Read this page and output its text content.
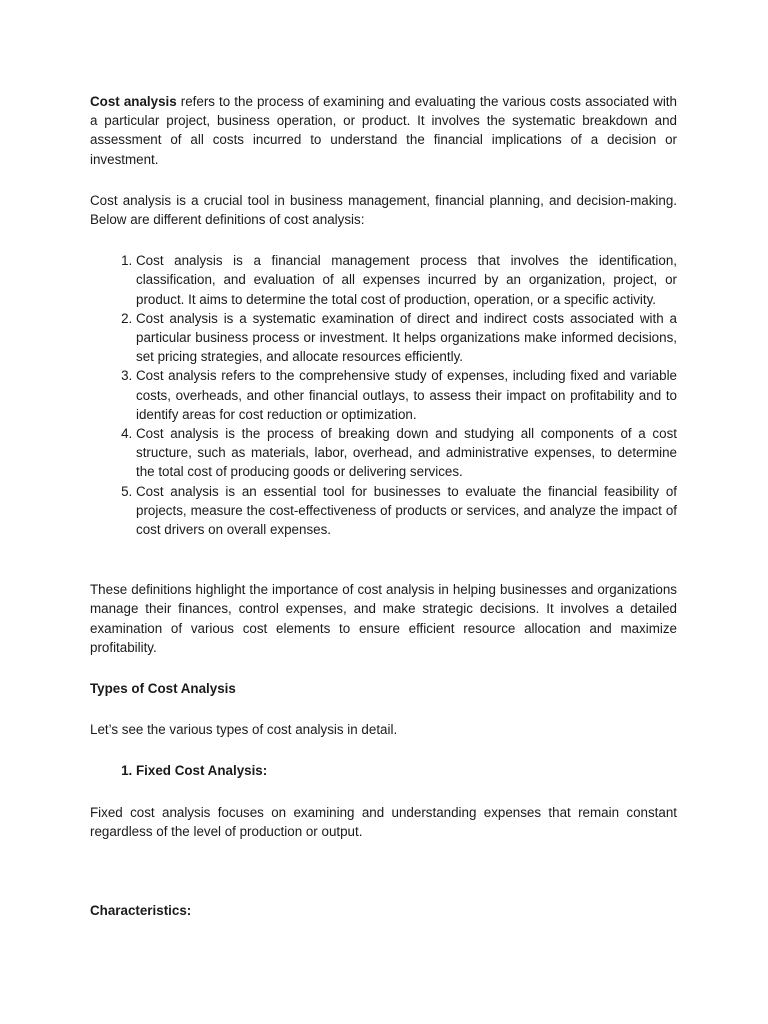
Cost analysis refers to the process of examining and evaluating the various costs associated with a particular project, business operation, or product. It involves the systematic breakdown and assessment of all costs incurred to understand the financial implications of a decision or investment.

Cost analysis is a crucial tool in business management, financial planning, and decision-making. Below are different definitions of cost analysis:

1. Cost analysis is a financial management process that involves the identification, classification, and evaluation of all expenses incurred by an organization, project, or product. It aims to determine the total cost of production, operation, or a specific activity.
2. Cost analysis is a systematic examination of direct and indirect costs associated with a particular business process or investment. It helps organizations make informed decisions, set pricing strategies, and allocate resources efficiently.
3. Cost analysis refers to the comprehensive study of expenses, including fixed and variable costs, overheads, and other financial outlays, to assess their impact on profitability and to identify areas for cost reduction or optimization.
4. Cost analysis is the process of breaking down and studying all components of a cost structure, such as materials, labor, overhead, and administrative expenses, to determine the total cost of producing goods or delivering services.
5. Cost analysis is an essential tool for businesses to evaluate the financial feasibility of projects, measure the cost-effectiveness of products or services, and analyze the impact of cost drivers on overall expenses.

These definitions highlight the importance of cost analysis in helping businesses and organizations manage their finances, control expenses, and make strategic decisions. It involves a detailed examination of various cost elements to ensure efficient resource allocation and maximize profitability.

Types of Cost Analysis

Let’s see the various types of cost analysis in detail.

1. Fixed Cost Analysis:

Fixed cost analysis focuses on examining and understanding expenses that remain constant regardless of the level of production or output.

Characteristics:
